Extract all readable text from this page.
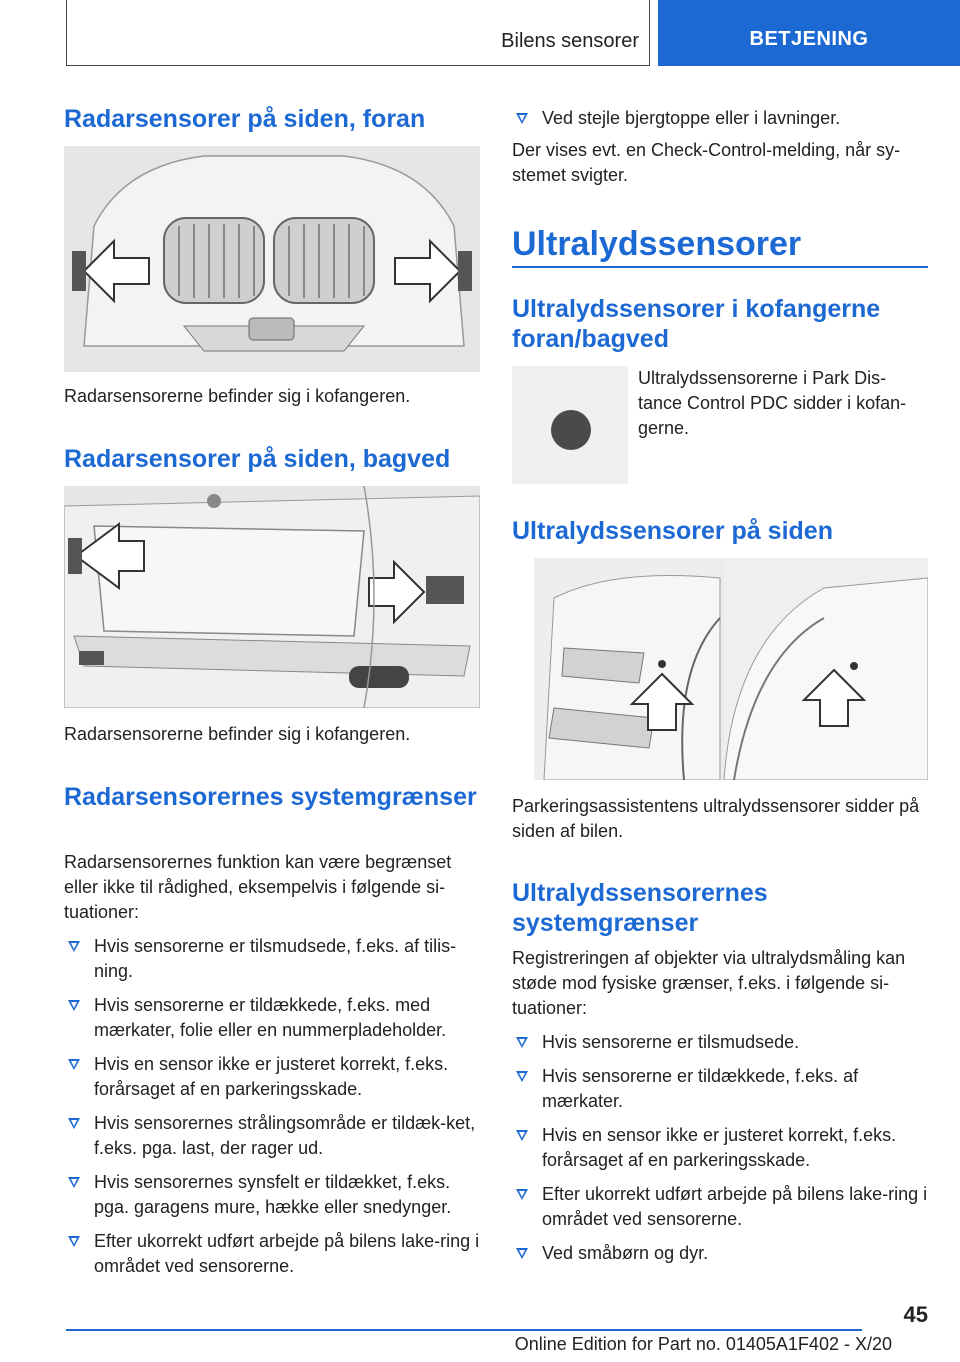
Bilens sensorer	BETJENING
Radarsensorer på siden, foran

Radarsensorerne befinder sig i kofangeren.

Radarsensorer på siden, bagved

Radarsensorerne befinder sig i kofangeren.

Radarsensorernes systemgrænser

Radarsensorernes funktion kan være begrænset eller ikke til rådighed, eksempelvis i følgende si-tuationer:

Hvis sensorerne er tilsmudsede, f.eks. af tilis-ning.
Hvis sensorerne er tildækkede, f.eks. med mærkater, folie eller en nummerpladeholder.
Hvis en sensor ikke er justeret korrekt, f.eks. forårsaget af en parkeringsskade.
Hvis sensorernes strålingsområde er tildæk-ket, f.eks. pga. last, der rager ud.
Hvis sensorernes synsfelt er tildækket, f.eks. pga. garagens mure, hække eller snedynger.
Efter ukorrekt udført arbejde på bilens lake-ring i området ved sensorerne.
Ved stejle bjergtoppe eller i lavninger.

Der vises evt. en Check-Control-melding, når sy-stemet svigter.

Ultralydssensorer
Ultralydssensorer i kofangerne foran/bagved

Ultralydssensorerne i Park Dis-tance Control PDC sidder i kofan-gerne.

Ultralydssensorer på siden

Parkeringsassistentens ultralydssensorer sidder på siden af bilen.

Ultralydssensorernes systemgrænser

Registreringen af objekter via ultralydsmåling kan støde mod fysiske grænser, f.eks. i følgende si-tuationer:

Hvis sensorerne er tilsmudsede.
Hvis sensorerne er tildækkede, f.eks. af mærkater.
Hvis en sensor ikke er justeret korrekt, f.eks. forårsaget af en parkeringsskade.
Efter ukorrekt udført arbejde på bilens lake-ring i området ved sensorerne.
Ved småbørn og dyr.
45
Online Edition for Part no. 01405A1F402 - X/20
